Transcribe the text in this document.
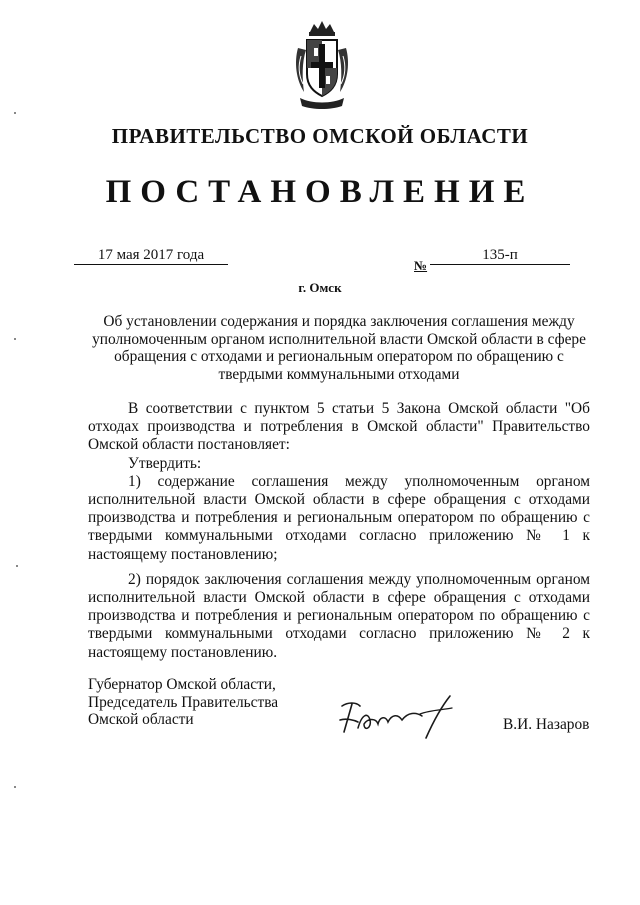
ПРАВИТЕЛЬСТВО ОМСКОЙ ОБЛАСТИ
ПОСТАНОВЛЕНИЕ
17 мая 2017 года
№
135-п
г. Омск
Об установлении содержания и порядка заключения соглашения между уполномоченным органом исполнительной власти Омской области в сфере обращения с отходами и региональным оператором по обращению с твердыми коммунальными отходами

В соответствии с пунктом 5 статьи 5 Закона Омской области "Об отходах производства и потребления в Омской области" Правительство Омской области постановляет:

Утвердить:

1) содержание соглашения между уполномоченным органом исполнительной власти Омской области в сфере обращения с отходами производства и потребления и региональным оператором по обращению с твердыми коммунальными отходами согласно приложению № 1 к настоящему постановлению;

2) порядок заключения соглашения между уполномоченным органом исполнительной власти Омской области в сфере обращения с отходами производства и потребления и региональным оператором по обращению с твердыми коммунальными отходами согласно приложению № 2 к настоящему постановлению.

Губернатор Омской области,
Председатель Правительства
Омской области	В.И. Назаров
